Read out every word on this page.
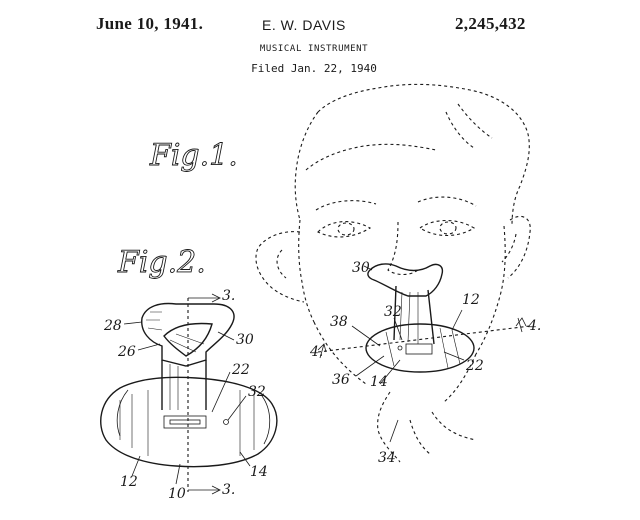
June 10, 1941.	E. W. DAVIS	2,245,432
MUSICAL INSTRUMENT
Filed Jan. 22, 1940
Fig.1.
Fig.2.	30
32
12
38
4.
4.
36 14
22
34
3.
3.
28
26
30
22
32
12
10
14
